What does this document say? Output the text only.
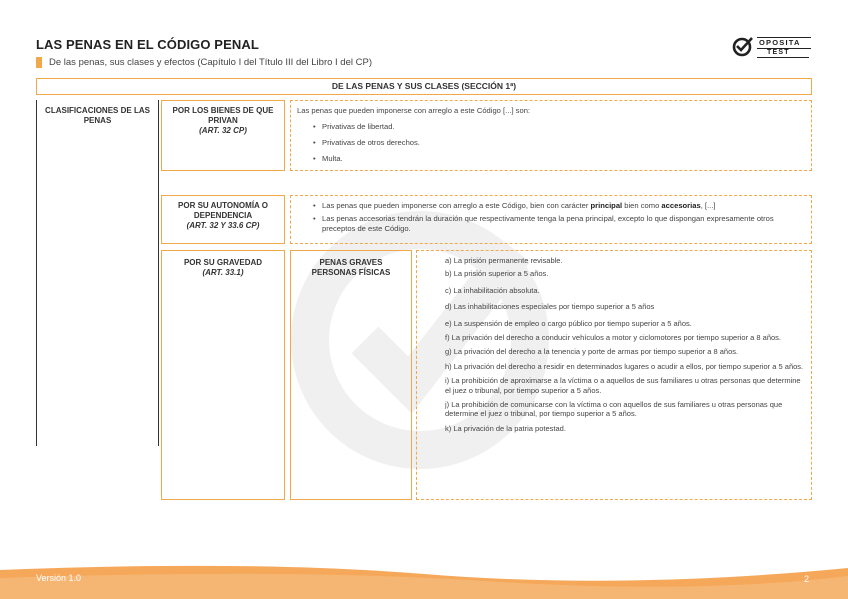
LAS PENAS EN EL CÓDIGO PENAL
De las penas, sus clases y efectos (Capítulo I del Título III del Libro I del CP)
OPOSITA
TEST
DE LAS PENAS Y SUS CLASES (SECCIÓN 1ª)
CLASIFICACIONES DE LAS PENAS
POR LOS BIENES DE QUE PRIVAN
(ART. 32 CP)
Las penas que pueden imponerse con arreglo a este Código [...] son:
• Privativas de libertad.
• Privativas de otros derechos.
• Multa.
POR SU AUTONOMÍA O DEPENDENCIA
(ART. 32 Y 33.6 CP)
• Las penas que pueden imponerse con arreglo a este Código, bien con carácter principal bien como accesorias, [...]
• Las penas accesorias tendrán la duración que respectivamente tenga la pena principal, excepto lo que dispongan expresamente otros preceptos de este Código.
POR SU GRAVEDAD
(ART. 33.1)
PENAS GRAVES PERSONAS FÍSICAS

a) La prisión permanente revisable.

b) La prisión superior a 5 años.

c) La inhabilitación absoluta.

d) Las inhabilitaciones especiales por tiempo superior a 5 años

e) La suspensión de empleo o cargo público por tiempo superior a 5 años.

f) La privación del derecho a conducir vehículos a motor y ciclomotores por tiempo superior a 8 años.

g) La privación del derecho a la tenencia y porte de armas por tiempo superior a 8 años.

h) La privación del derecho a residir en determinados lugares o acudir a ellos, por tiempo superior a 5 años.

i) La prohibición de aproximarse a la víctima o a aquellos de sus familiares u otras personas que determine el juez o tribunal, por tiempo superior a 5 años.

j) La prohibición de comunicarse con la víctima o con aquellos de sus familiares u otras personas que determine el juez o tribunal, por tiempo superior a 5 años.

k) La privación de la patria potestad.

Versión 1.0	2
